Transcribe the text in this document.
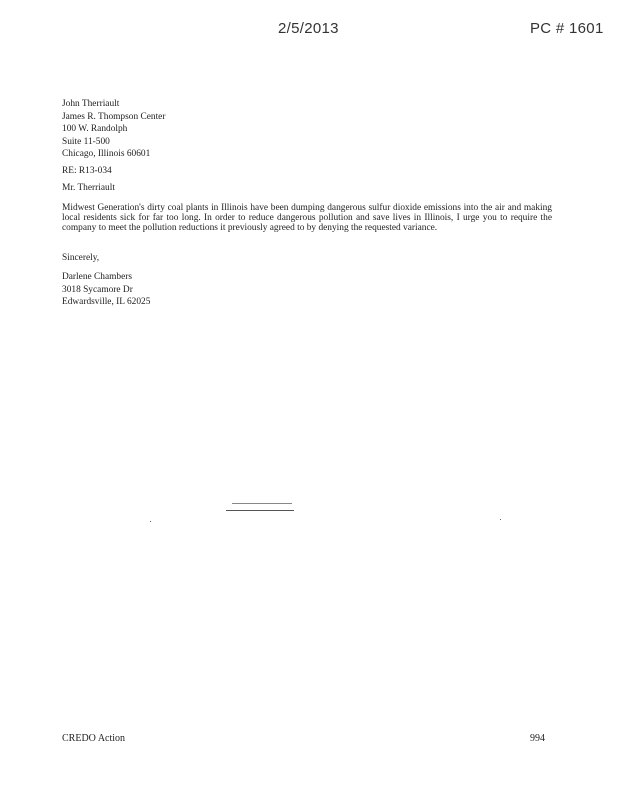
2/5/2013	PC # 1601
John Therriault
James R. Thompson Center
100 W. Randolph
Suite 11-500
Chicago, Illinois 60601
RE: R13-034
Mr. Therriault
Midwest Generation's dirty coal plants in Illinois have been dumping dangerous sulfur dioxide emissions into the air and making local residents sick for far too long. In order to reduce dangerous pollution and save lives in Illinois, I urge you to require the company to meet the pollution reductions it previously agreed to by denying the requested variance.
Sincerely,
Darlene Chambers
3018 Sycamore Dr
Edwardsville, IL 62025
CREDO Action	994
